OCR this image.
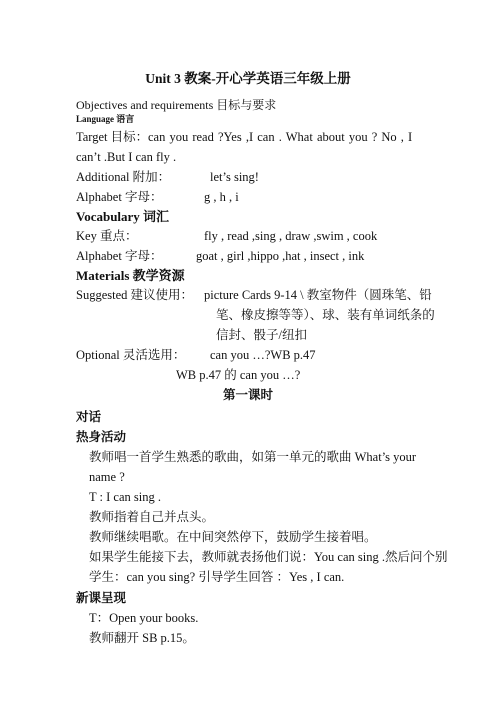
Unit 3 教案-开心学英语三年级上册
Objectives and requirements 目标与要求
Language 语言
Target 目标： can you read ?Yes ,I can . What about you ? No , I
can’t .But I can fly .
Additional 附加：	let’s sing!
Alphabet 字母：	g , h , i
Vocabulary 词汇
Key 重点：	fly , read ,sing , draw ,swim , cook
Alphabet 字母：	goat , girl ,hippo ,hat , insect , ink
Materials 教学资源
Suggested 建议使用： picture Cards 9-14 \ 教室物件（圆珠笔、铅
笔、橡皮擦等等）、球、装有单词纸条的
信封、骰子/纽扣
Optional 灵活选用： can you …?WB p.47
WB p.47 的 can you …?
第一课时
对话
热身活动
教师唱一首学生熟悉的歌曲，如第一单元的歌曲 What’s your
name ?
T : I can sing .
教师指着自己并点头。
教师继续唱歌。在中间突然停下，鼓励学生接着唱。
如果学生能接下去，教师就表扬他们说：You can sing .然后问个别
学生：can you sing? 引导学生回答 ：Yes , I can.
新课呈现
T：Open your books.
教师翻开 SB p.15。
